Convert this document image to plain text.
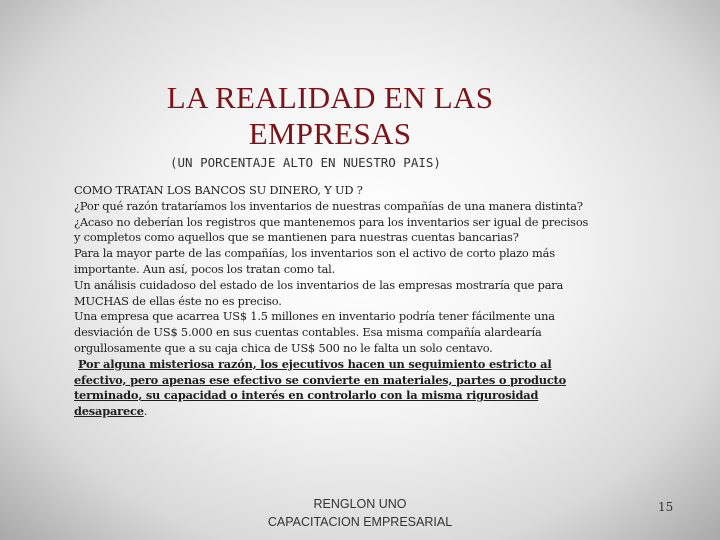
LA REALIDAD EN LAS
EMPRESAS
(UN PORCENTAJE ALTO EN NUESTRO PAIS)

COMO TRATAN LOS BANCOS SU DINERO, Y UD ?

¿Por qué razón trataríamos los inventarios de nuestras compañías de una manera distinta? ¿Acaso no deberían los registros que mantenemos para los inventarios ser igual de precisos y completos como aquellos que se mantienen para nuestras cuentas bancarias?

Para la mayor parte de las compañías, los inventarios son el activo de corto plazo más importante. Aun así, pocos los tratan como tal.

Un análisis cuidadoso del estado de los inventarios de las empresas mostraría que para MUCHAS de ellas éste no es preciso.

Una empresa que acarrea US$ 1.5 millones en inventario podría tener fácilmente una desviación de US$ 5.000 en sus cuentas contables. Esa misma compañía alardearía orgullosamente que a su caja chica de US$ 500 no le falta un solo centavo.

Por alguna misteriosa razón, los ejecutivos hacen un seguimiento estricto al efectivo, pero apenas ese efectivo se convierte en materiales, partes o producto terminado, su capacidad o interés en controlarlo con la misma rigurosidad desaparece.

RENGLON UNO
CAPACITACION EMPRESARIAL
15
